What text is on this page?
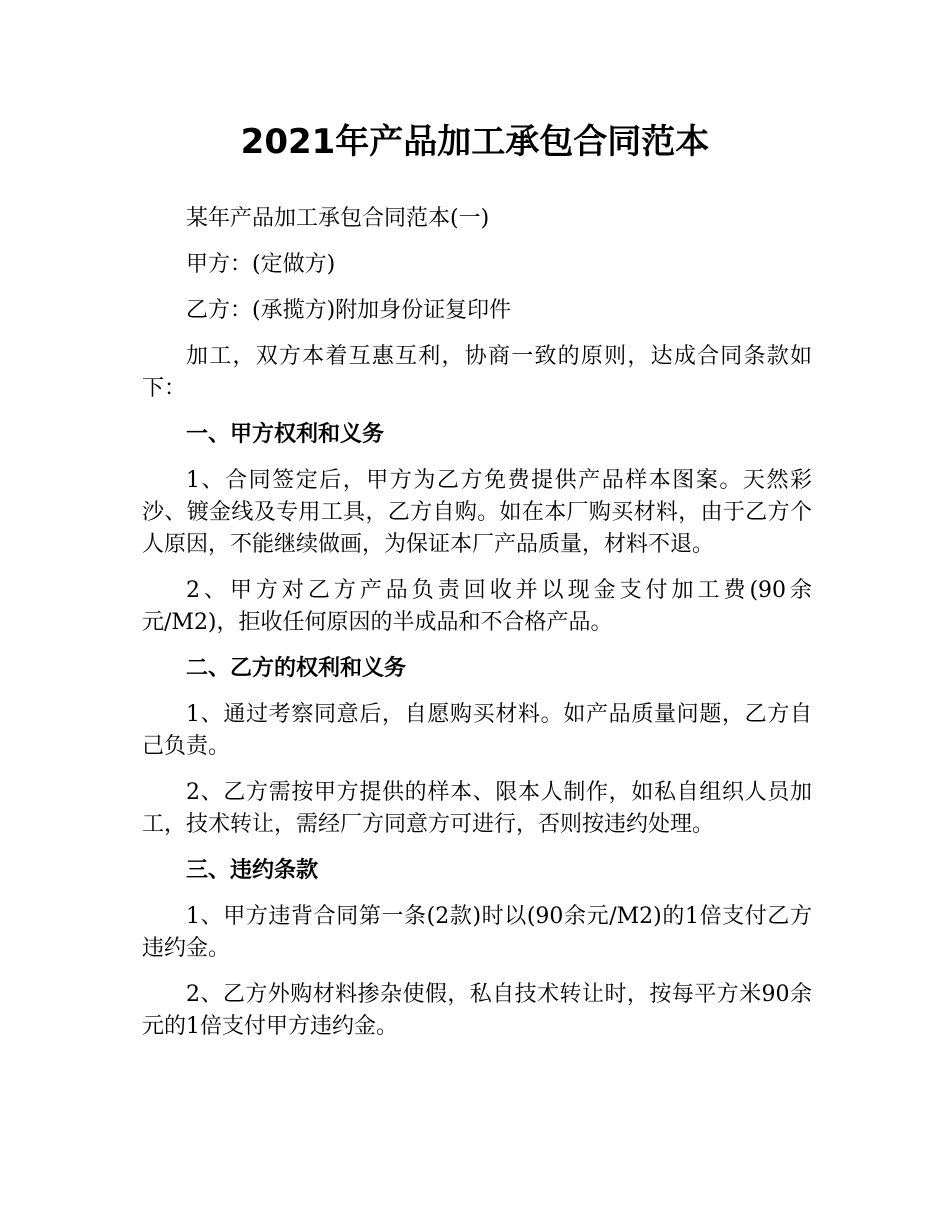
2021年产品加工承包合同范本

某年产品加工承包合同范本(一)

甲方：(定做方)

乙方：(承揽方)附加身份证复印件

加工，双方本着互惠互利，协商一致的原则，达成合同条款如下：

一、甲方权利和义务

1、合同签定后，甲方为乙方免费提供产品样本图案。天然彩沙、镀金线及专用工具，乙方自购。如在本厂购买材料，由于乙方个人原因，不能继续做画，为保证本厂产品质量，材料不退。

2、甲方对乙方产品负责回收并以现金支付加工费(90余元/M2)，拒收任何原因的半成品和不合格产品。

二、乙方的权利和义务

1、通过考察同意后，自愿购买材料。如产品质量问题，乙方自己负责。

2、乙方需按甲方提供的样本、限本人制作，如私自组织人员加工，技术转让，需经厂方同意方可进行，否则按违约处理。

三、违约条款

1、甲方违背合同第一条(2款)时以(90余元/M2)的1倍支付乙方违约金。

2、乙方外购材料掺杂使假，私自技术转让时，按每平方米90余元的1倍支付甲方违约金。
